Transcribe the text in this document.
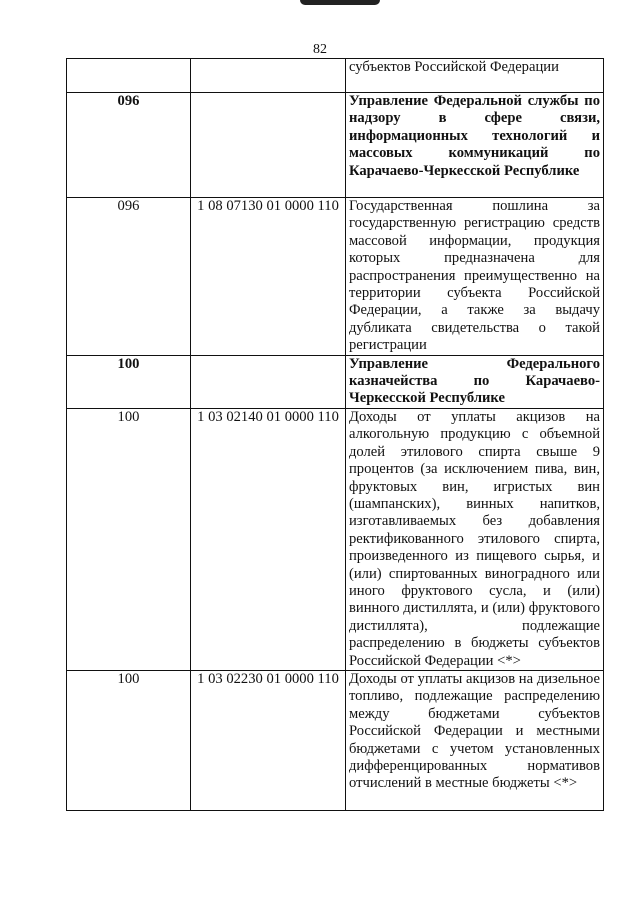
82
		субъектов Российской Федерации
096		Управление Федеральной службы по надзору в сфере связи, информационных технологий и массовых коммуникаций по Карачаево-Черкесской Республике
096	1 08 07130 01 0000 110	Государственная пошлина за государственную регистрацию средств массовой информации, продукция которых предназначена для распространения преимущественно на территории субъекта Российской Федерации, а также за выдачу дубликата свидетельства о такой регистрации
100		Управление Федерального казначейства по Карачаево-Черкесской Республике
100	1 03 02140 01 0000 110	Доходы от уплаты акцизов на алкогольную продукцию с объемной долей этилового спирта свыше 9 процентов (за исключением пива, вин, фруктовых вин, игристых вин (шампанских), винных напитков, изготавливаемых без добавления ректификованного этилового спирта, произведенного из пищевого сырья, и (или) спиртованных виноградного или иного фруктового сусла, и (или) винного дистиллята, и (или) фруктового дистиллята), подлежащие распределению в бюджеты субъектов Российской Федерации <*>
100	1 03 02230 01 0000 110	Доходы от уплаты акцизов на дизельное топливо, подлежащие распределению между бюджетами субъектов Российской Федерации и местными бюджетами с учетом установленных дифференцированных нормативов отчислений в местные бюджеты <*>
